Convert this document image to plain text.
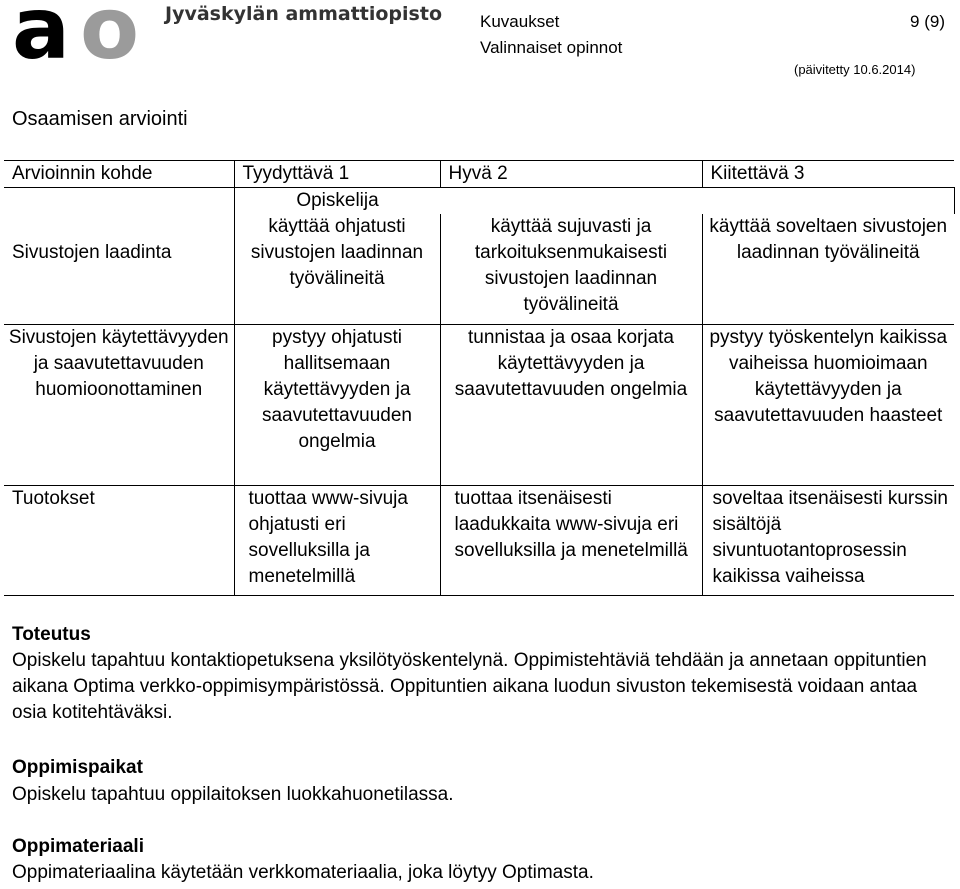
a o Jyväskylän ammattiopisto Kuvaukset
Valinnaiset opinnot
9 (9)
(päivitetty 10.6.2014)
Osaamisen arviointi
Arvioinnin kohde	Tyydyttävä 1	Hyvä 2	Kiitettävä 3

	Opiskelija		

Sivustojen laadinta	käyttää ohjatusti sivustojen laadinnan työvälineitä	käyttää sujuvasti ja tarkoituksenmukaisesti sivustojen laadinnan työvälineitä	käyttää soveltaen sivustojen laadinnan työvälineitä
Sivustojen käytettävyyden ja saavutettavuuden huomioonottaminen	pystyy ohjatusti hallitsemaan käytettävyyden ja saavutettavuuden ongelmia	tunnistaa ja osaa korjata käytettävyyden ja saavutettavuuden ongelmia	pystyy työskentelyn kaikissa vaiheissa huomioimaan käytettävyyden ja saavutettavuuden haasteet
Tuotokset	tuottaa www-sivuja ohjatusti eri sovelluksilla ja menetelmillä	tuottaa itsenäisesti laadukkaita www-sivuja eri sovelluksilla ja menetelmillä	soveltaa itsenäisesti kurssin sisältöjä sivuntuotantoprosessin kaikissa vaiheissa
Toteutus
Opiskelu tapahtuu kontaktiopetuksena yksilötyöskentelynä. Oppimistehtäviä tehdään ja annetaan oppituntien aikana Optima verkko-oppimisympäristössä. Oppituntien aikana luodun sivuston tekemisestä voidaan antaa osia kotitehtäväksi.
Oppimispaikat
Opiskelu tapahtuu oppilaitoksen luokkahuonetilassa.
Oppimateriaali
Oppimateriaalina käytetään verkkomateriaalia, joka löytyy Optimasta.
